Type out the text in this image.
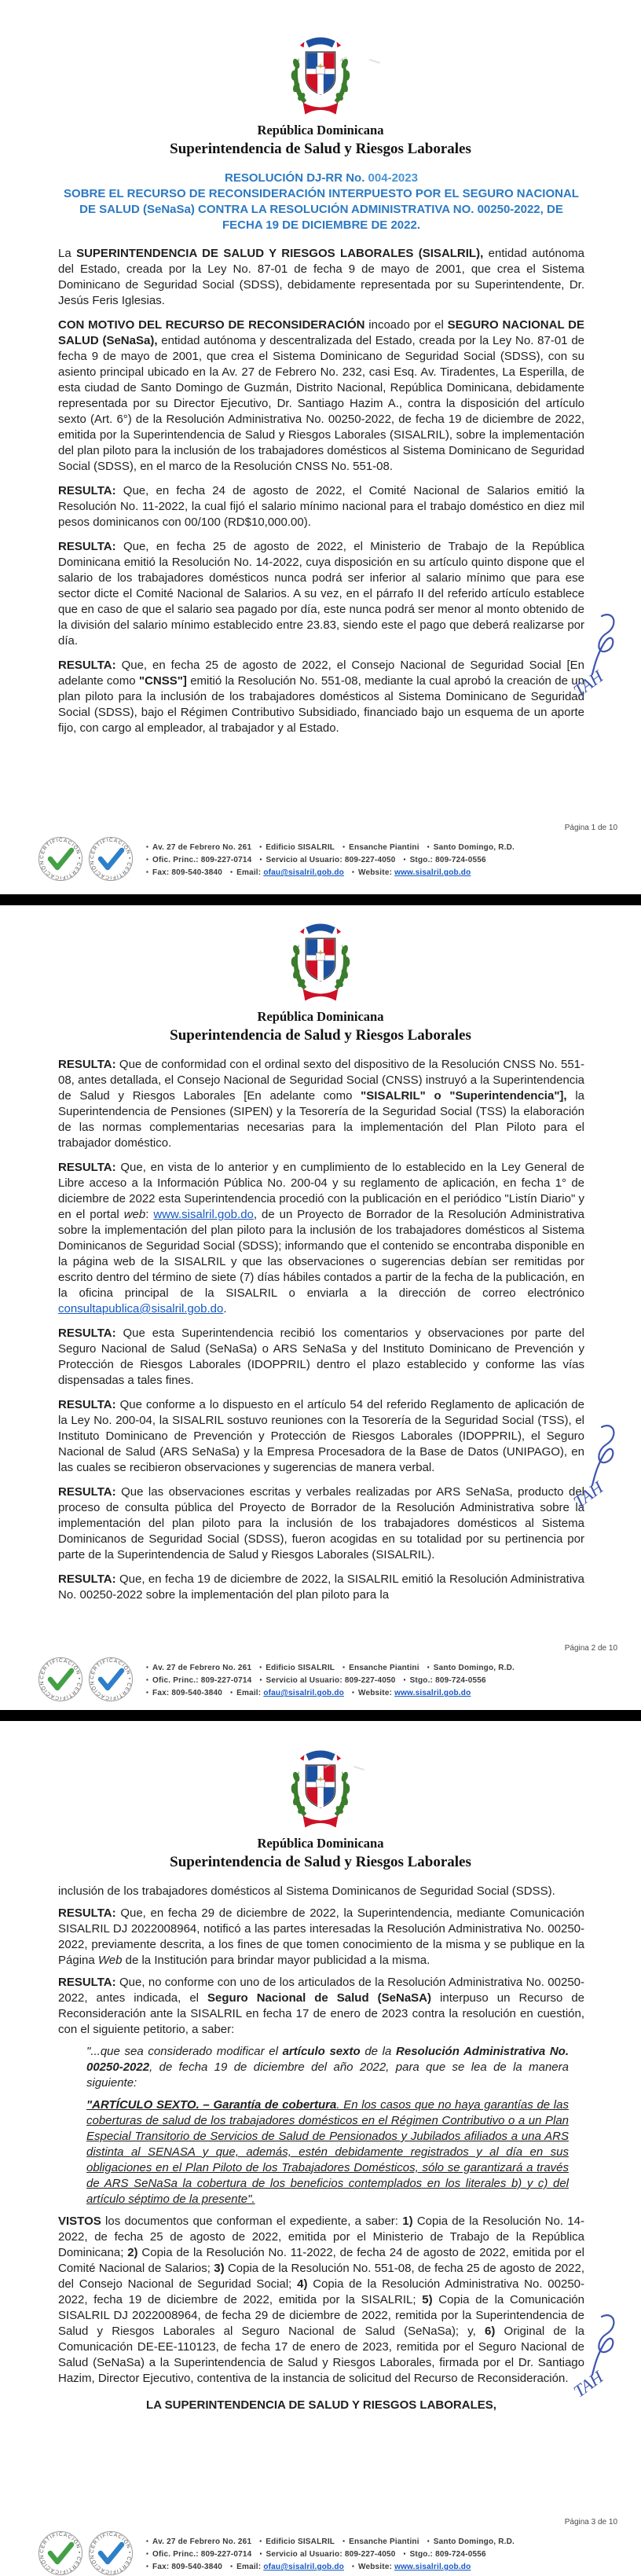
República Dominicana
Superintendencia de Salud y Riesgos Laborales

RESOLUCIÓN DJ-RR No. 004-2023
SOBRE EL RECURSO DE RECONSIDERACIÓN INTERPUESTO POR EL SEGURO NACIONAL DE SALUD (SeNaSa) CONTRA LA RESOLUCIÓN ADMINISTRATIVA NO. 00250-2022, DE FECHA 19 DE DICIEMBRE DE 2022.

La SUPERINTENDENCIA DE SALUD Y RIESGOS LABORALES (SISALRIL), entidad autónoma del Estado, creada por la Ley No. 87-01 de fecha 9 de mayo de 2001, que crea el Sistema Dominicano de Seguridad Social (SDSS), debidamente representada por su Superintendente, Dr. Jesús Feris Iglesias.

CON MOTIVO DEL RECURSO DE RECONSIDERACIÓN incoado por el SEGURO NACIONAL DE SALUD (SeNaSa), entidad autónoma y descentralizada del Estado, creada por la Ley No. 87-01 de fecha 9 de mayo de 2001, que crea el Sistema Dominicano de Seguridad Social (SDSS), con su asiento principal ubicado en la Av. 27 de Febrero No. 232, casi Esq. Av. Tiradentes, La Esperilla, de esta ciudad de Santo Domingo de Guzmán, Distrito Nacional, República Dominicana, debidamente representada por su Director Ejecutivo, Dr. Santiago Hazim A., contra la disposición del artículo sexto (Art. 6°) de la Resolución Administrativa No. 00250-2022, de fecha 19 de diciembre de 2022, emitida por la Superintendencia de Salud y Riesgos Laborales (SISALRIL), sobre la implementación del plan piloto para la inclusión de los trabajadores domésticos al Sistema Dominicano de Seguridad Social (SDSS), en el marco de la Resolución CNSS No. 551-08.

RESULTA: Que, en fecha 24 de agosto de 2022, el Comité Nacional de Salarios emitió la Resolución No. 11-2022, la cual fijó el salario mínimo nacional para el trabajo doméstico en diez mil pesos dominicanos con 00/100 (RD$10,000.00).

RESULTA: Que, en fecha 25 de agosto de 2022, el Ministerio de Trabajo de la República Dominicana emitió la Resolución No. 14-2022, cuya disposición en su artículo quinto dispone que el salario de los trabajadores domésticos nunca podrá ser inferior al salario mínimo que para ese sector dicte el Comité Nacional de Salarios. A su vez, en el párrafo II del referido artículo establece que en caso de que el salario sea pagado por día, este nunca podrá ser menor al monto obtenido de la división del salario mínimo establecido entre 23.83, siendo este el pago que deberá realizarse por día.

RESULTA: Que, en fecha 25 de agosto de 2022, el Consejo Nacional de Seguridad Social [En adelante como "CNSS"] emitió la Resolución No. 551-08, mediante la cual aprobó la creación de un plan piloto para la inclusión de los trabajadores domésticos al Sistema Dominicano de Seguridad Social (SDSS), bajo el Régimen Contributivo Subsidiado, financiado bajo un esquema de un aporte fijo, con cargo al empleador, al trabajador y al Estado.

TAH
Página 1 de 10
CERTIFICACIÓN • CERTIFICACIÓN
CERTIFICACIÓN • CERTIFICACIÓN
▪ Av. 27 de Febrero No. 261 ▪ Edificio SISALRIL ▪ Ensanche Piantini ▪ Santo Domingo, R.D.
▪ Ofic. Princ.: 809-227-0714 ▪ Servicio al Usuario: 809-227-4050 ▪ Stgo.: 809-724-0556
▪ Fax: 809-540-3840 ▪ Email: ofau@sisalril.gob.do ▪ Website: www.sisalril.gob.do
República Dominicana
Superintendencia de Salud y Riesgos Laborales

RESULTA: Que de conformidad con el ordinal sexto del dispositivo de la Resolución CNSS No. 551-08, antes detallada, el Consejo Nacional de Seguridad Social (CNSS) instruyó a la Superintendencia de Salud y Riesgos Laborales [En adelante como "SISALRIL" o "Superintendencia"], la Superintendencia de Pensiones (SIPEN) y la Tesorería de la Seguridad Social (TSS) la elaboración de las normas complementarias necesarias para la implementación del Plan Piloto para el trabajador doméstico.

RESULTA: Que, en vista de lo anterior y en cumplimiento de lo establecido en la Ley General de Libre acceso a la Información Pública No. 200-04 y su reglamento de aplicación, en fecha 1° de diciembre de 2022 esta Superintendencia procedió con la publicación en el periódico "Listín Diario" y en el portal web: www.sisalril.gob.do, de un Proyecto de Borrador de la Resolución Administrativa sobre la implementación del plan piloto para la inclusión de los trabajadores domésticos al Sistema Dominicanos de Seguridad Social (SDSS); informando que el contenido se encontraba disponible en la página web de la SISALRIL y que las observaciones o sugerencias debían ser remitidas por escrito dentro del término de siete (7) días hábiles contados a partir de la fecha de la publicación, en la oficina principal de la SISALRIL o enviarla a la dirección de correo electrónico consultapublica@sisalril.gob.do.

RESULTA: Que esta Superintendencia recibió los comentarios y observaciones por parte del Seguro Nacional de Salud (SeNaSa) o ARS SeNaSa y del Instituto Dominicano de Prevención y Protección de Riesgos Laborales (IDOPPRIL) dentro el plazo establecido y conforme las vías dispensadas a tales fines.

RESULTA: Que conforme a lo dispuesto en el artículo 54 del referido Reglamento de aplicación de la Ley No. 200-04, la SISALRIL sostuvo reuniones con la Tesorería de la Seguridad Social (TSS), el Instituto Dominicano de Prevención y Protección de Riesgos Laborales (IDOPPRIL), el Seguro Nacional de Salud (ARS SeNaSa) y la Empresa Procesadora de la Base de Datos (UNIPAGO), en las cuales se recibieron observaciones y sugerencias de manera verbal.

RESULTA: Que las observaciones escritas y verbales realizadas por ARS SeNaSa, producto del proceso de consulta pública del Proyecto de Borrador de la Resolución Administrativa sobre la implementación del plan piloto para la inclusión de los trabajadores domésticos al Sistema Dominicanos de Seguridad Social (SDSS), fueron acogidas en su totalidad por su pertinencia por parte de la Superintendencia de Salud y Riesgos Laborales (SISALRIL).

RESULTA: Que, en fecha 19 de diciembre de 2022, la SISALRIL emitió la Resolución Administrativa No. 00250-2022 sobre la implementación del plan piloto para la

TAH
Página 2 de 10
CERTIFICACIÓN • CERTIFICACIÓN
CERTIFICACIÓN • CERTIFICACIÓN
▪ Av. 27 de Febrero No. 261 ▪ Edificio SISALRIL ▪ Ensanche Piantini ▪ Santo Domingo, R.D.
▪ Ofic. Princ.: 809-227-0714 ▪ Servicio al Usuario: 809-227-4050 ▪ Stgo.: 809-724-0556
▪ Fax: 809-540-3840 ▪ Email: ofau@sisalril.gob.do ▪ Website: www.sisalril.gob.do
República Dominicana
Superintendencia de Salud y Riesgos Laborales

inclusión de los trabajadores domésticos al Sistema Dominicanos de Seguridad Social (SDSS).

RESULTA: Que, en fecha 29 de diciembre de 2022, la Superintendencia, mediante Comunicación SISALRIL DJ 2022008964, notificó a las partes interesadas la Resolución Administrativa No. 00250-2022, previamente descrita, a los fines de que tomen conocimiento de la misma y se publique en la Página Web de la Institución para brindar mayor publicidad a la misma.

RESULTA: Que, no conforme con uno de los articulados de la Resolución Administrativa No. 00250-2022, antes indicada, el Seguro Nacional de Salud (SeNaSA) interpuso un Recurso de Reconsideración ante la SISALRIL en fecha 17 de enero de 2023 contra la resolución en cuestión, con el siguiente petitorio, a saber:

"...que sea considerado modificar el artículo sexto de la Resolución Administrativa No. 00250-2022, de fecha 19 de diciembre del año 2022, para que se lea de la manera siguiente:

"ARTÍCULO SEXTO. – Garantía de cobertura. En los casos que no haya garantías de las coberturas de salud de los trabajadores domésticos en el Régimen Contributivo o a un Plan Especial Transitorio de Servicios de Salud de Pensionados y Jubilados afiliados a una ARS distinta al SENASA y que, además, estén debidamente registrados y al día en sus obligaciones en el Plan Piloto de los Trabajadores Domésticos, sólo se garantizará a través de ARS SeNaSa la cobertura de los beneficios contemplados en los literales b) y c) del artículo séptimo de la presente".

VISTOS los documentos que conforman el expediente, a saber: 1) Copia de la Resolución No. 14-2022, de fecha 25 de agosto de 2022, emitida por el Ministerio de Trabajo de la República Dominicana; 2) Copia de la Resolución No. 11-2022, de fecha 24 de agosto de 2022, emitida por el Comité Nacional de Salarios; 3) Copia de la Resolución No. 551-08, de fecha 25 de agosto de 2022, del Consejo Nacional de Seguridad Social; 4) Copia de la Resolución Administrativa No. 00250-2022, fecha 19 de diciembre de 2022, emitida por la SISALRIL; 5) Copia de la Comunicación SISALRIL DJ 2022008964, de fecha 29 de diciembre de 2022, remitida por la Superintendencia de Salud y Riesgos Laborales al Seguro Nacional de Salud (SeNaSa); y, 6) Original de la Comunicación DE-EE-110123, de fecha 17 de enero de 2023, remitida por el Seguro Nacional de Salud (SeNaSa) a la Superintendencia de Salud y Riesgos Laborales, firmada por el Dr. Santiago Hazim, Director Ejecutivo, contentiva de la instancia de solicitud del Recurso de Reconsideración.

LA SUPERINTENDENCIA DE SALUD Y RIESGOS LABORALES,

TAH
Página 3 de 10
CERTIFICACIÓN • CERTIFICACIÓN
CERTIFICACIÓN • CERTIFICACIÓN
▪ Av. 27 de Febrero No. 261 ▪ Edificio SISALRIL ▪ Ensanche Piantini ▪ Santo Domingo, R.D.
▪ Ofic. Princ.: 809-227-0714 ▪ Servicio al Usuario: 809-227-4050 ▪ Stgo.: 809-724-0556
▪ Fax: 809-540-3840 ▪ Email: ofau@sisalril.gob.do ▪ Website: www.sisalril.gob.do
